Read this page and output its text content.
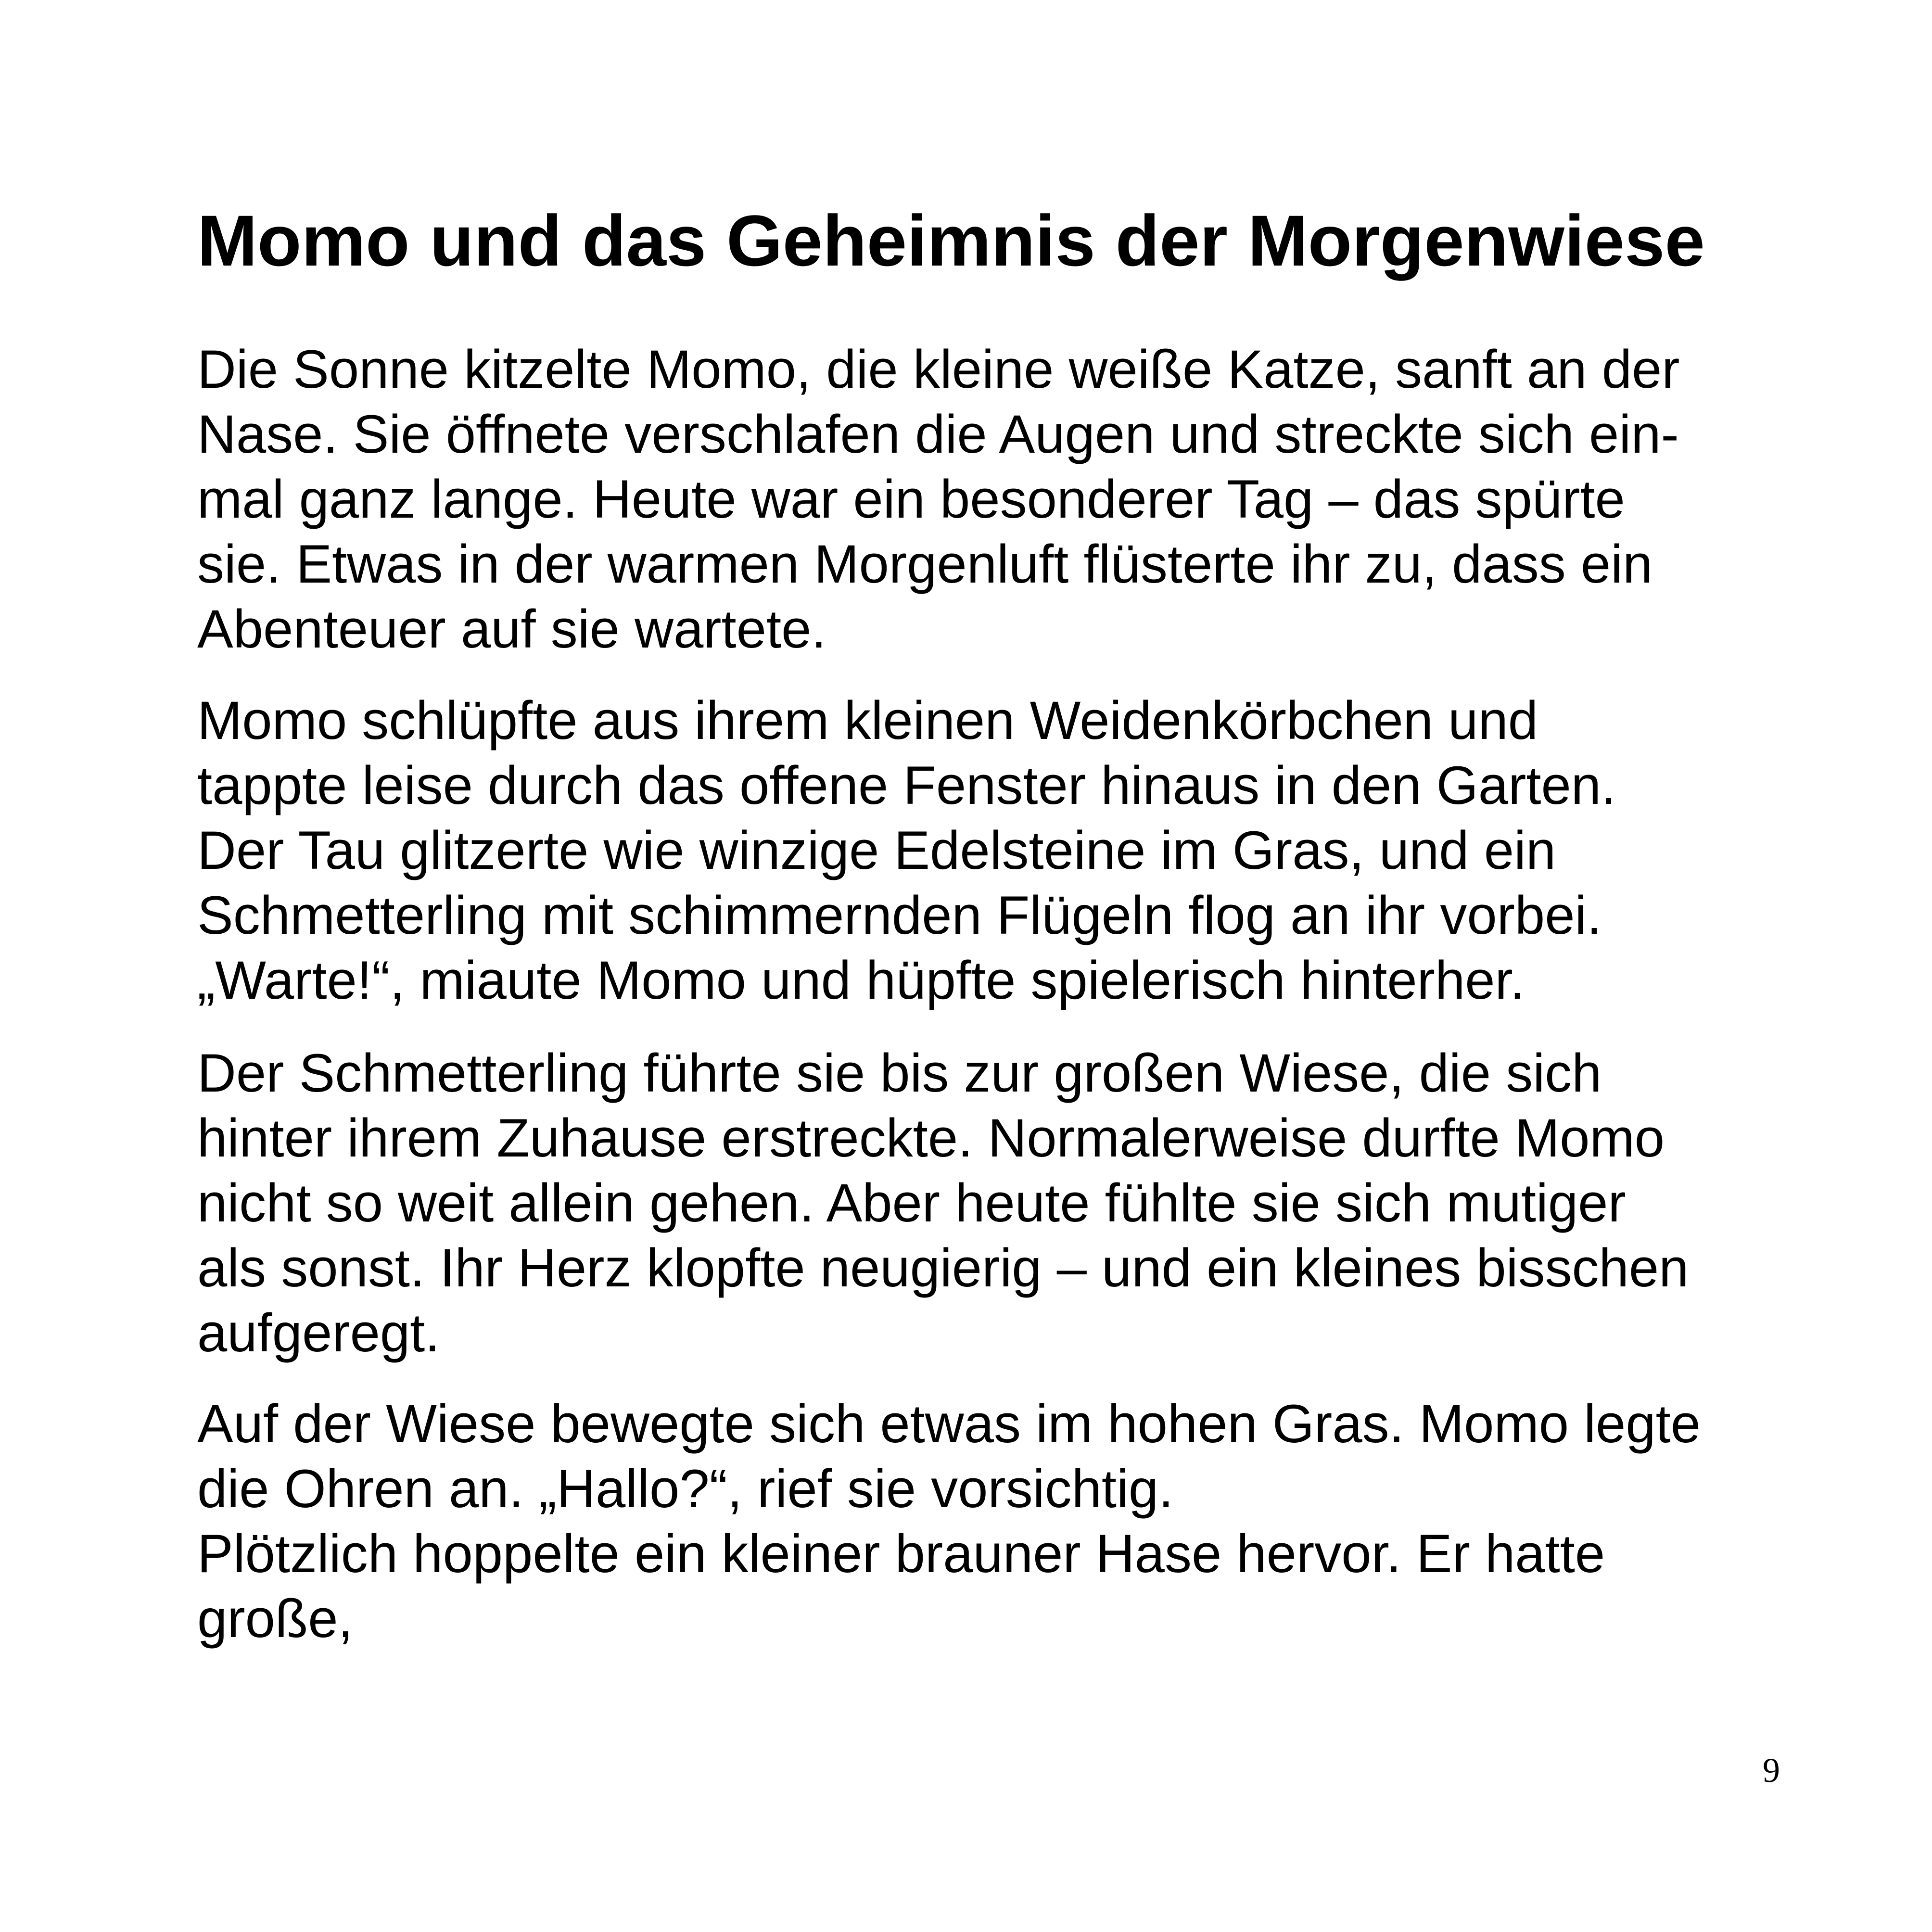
Momo und das Geheimnis der Morgenwiese

Die Sonne kitzelte Momo, die kleine weiße Katze, sanft an der
Nase. Sie öffnete verschlafen die Augen und streckte sich ein-
mal ganz lange. Heute war ein besonderer Tag – das spürte
sie. Etwas in der warmen Morgenluft flüsterte ihr zu, dass ein
Abenteuer auf sie wartete.

Momo schlüpfte aus ihrem kleinen Weidenkörbchen und
tappte leise durch das offene Fenster hinaus in den Garten.
Der Tau glitzerte wie winzige Edelsteine im Gras, und ein
Schmetterling mit schimmernden Flügeln flog an ihr vorbei.
„Warte!“, miaute Momo und hüpfte spielerisch hinterher.

Der Schmetterling führte sie bis zur großen Wiese, die sich
hinter ihrem Zuhause erstreckte. Normalerweise durfte Momo
nicht so weit allein gehen. Aber heute fühlte sie sich mutiger
als sonst. Ihr Herz klopfte neugierig – und ein kleines bisschen
aufgeregt.

Auf der Wiese bewegte sich etwas im hohen Gras. Momo legte
die Ohren an. „Hallo?“, rief sie vorsichtig.
Plötzlich hoppelte ein kleiner brauner Hase hervor. Er hatte
große,

9
